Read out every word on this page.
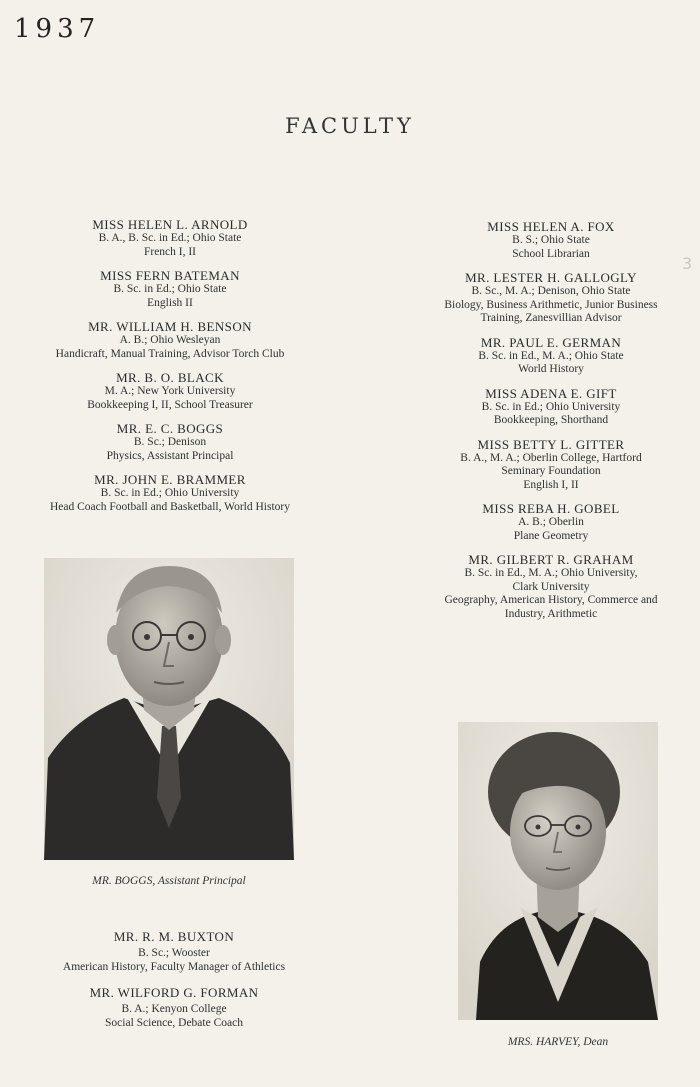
1937
FACULTY
3
MISS HELEN L. ARNOLD
B. A., B. Sc. in Ed.; Ohio State
French I, II
MISS FERN BATEMAN
B. Sc. in Ed.; Ohio State
English II
MR. WILLIAM H. BENSON
A. B.; Ohio Wesleyan
Handicraft, Manual Training, Advisor Torch Club
MR. B. O. BLACK
M. A.; New York University
Bookkeeping I, II, School Treasurer
MR. E. C. BOGGS
B. Sc.; Denison
Physics, Assistant Principal
MR. JOHN E. BRAMMER
B. Sc. in Ed.; Ohio University
Head Coach Football and Basketball, World History
MISS HELEN A. FOX
B. S.; Ohio State
School Librarian
MR. LESTER H. GALLOGLY
B. Sc., M. A.; Denison, Ohio State
Biology, Business Arithmetic, Junior Business
Training, Zanesvillian Advisor
MR. PAUL E. GERMAN
B. Sc. in Ed., M. A.; Ohio State
World History
MISS ADENA E. GIFT
B. Sc. in Ed.; Ohio University
Bookkeeping, Shorthand
MISS BETTY L. GITTER
B. A., M. A.; Oberlin College, Hartford
Seminary Foundation
English I, II
MISS REBA H. GOBEL
A. B.; Oberlin
Plane Geometry
MR. GILBERT R. GRAHAM
B. Sc. in Ed., M. A.; Ohio University,
Clark University
Geography, American History, Commerce and
Industry, Arithmetic
MR. BOGGS, Assistant Principal
MRS. HARVEY, Dean
MR. R. M. BUXTON
B. Sc.; Wooster
American History, Faculty Manager of Athletics
MR. WILFORD G. FORMAN
B. A.; Kenyon College
Social Science, Debate Coach
